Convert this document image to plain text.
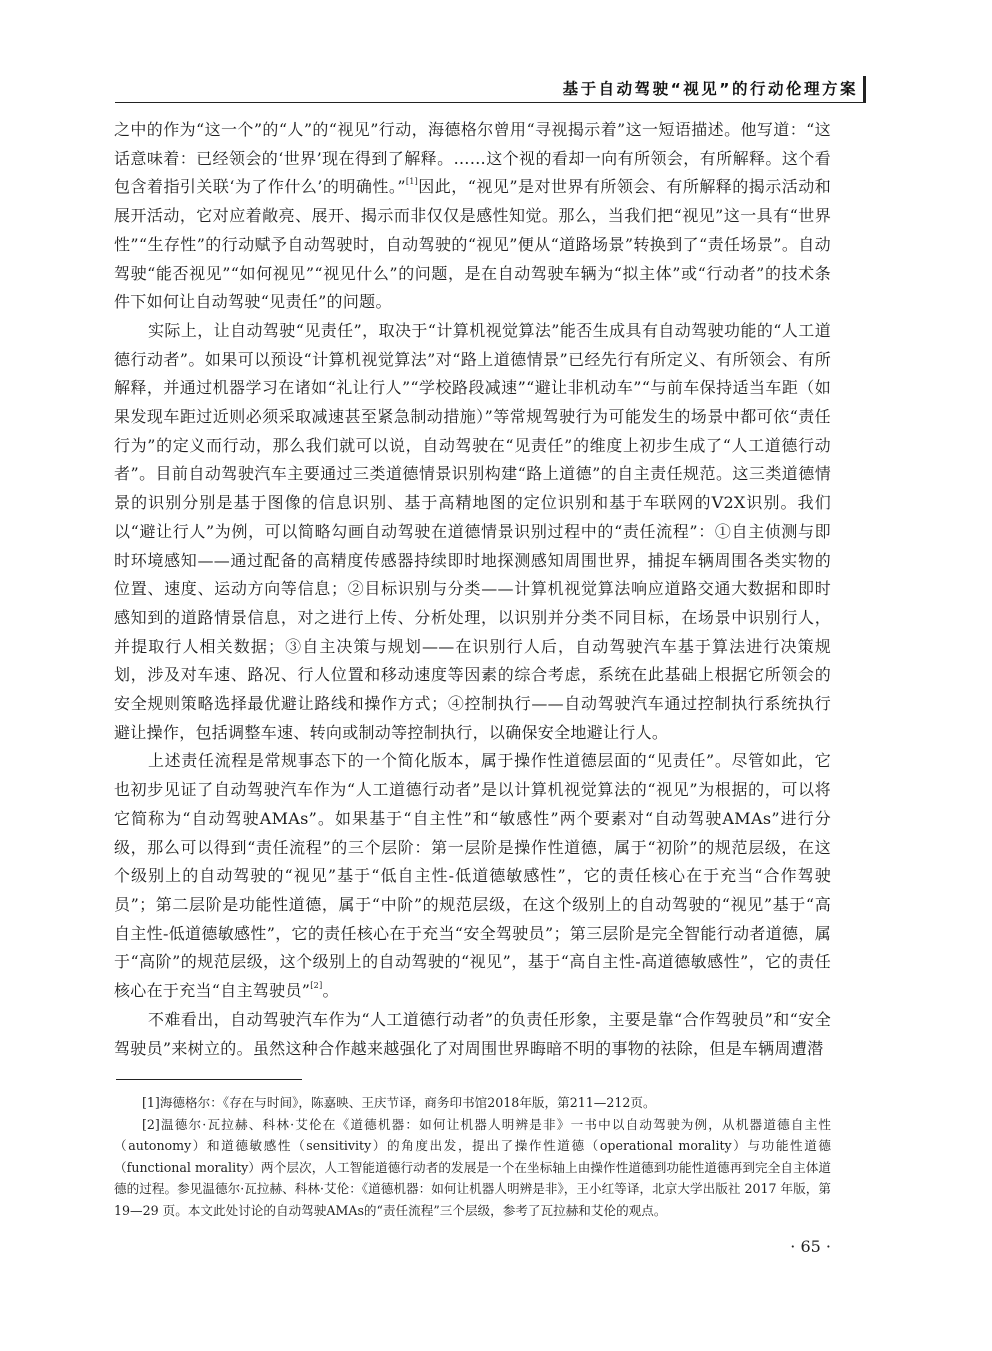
基于自动驾驶“视见”的行动伦理方案

之中的作为“这一个”的“人”的“视见”行动，海德格尔曾用“寻视揭示着”这一短语描述。他写道：“这话意味着：已经领会的‘世界’现在得到了解释。……这个视的看却一向有所领会，有所解释。这个看包含着指引关联‘为了作什么’的明确性。”[1]因此，“视见”是对世界有所领会、有所解释的揭示活动和展开活动，它对应着敞亮、展开、揭示而非仅仅是感性知觉。那么，当我们把“视见”这一具有“世界性”“生存性”的行动赋予自动驾驶时，自动驾驶的“视见”便从“道路场景”转换到了“责任场景”。自动驾驶“能否视见”“如何视见”“视见什么”的问题，是在自动驾驶车辆为“拟主体”或“行动者”的技术条件下如何让自动驾驶“见责任”的问题。

实际上，让自动驾驶“见责任”，取决于“计算机视觉算法”能否生成具有自动驾驶功能的“人工道德行动者”。如果可以预设“计算机视觉算法”对“路上道德情景”已经先行有所定义、有所领会、有所解释，并通过机器学习在诸如“礼让行人”“学校路段减速”“避让非机动车”“与前车保持适当车距（如果发现车距过近则必须采取减速甚至紧急制动措施）”等常规驾驶行为可能发生的场景中都可依“责任行为”的定义而行动，那么我们就可以说，自动驾驶在“见责任”的维度上初步生成了“人工道德行动者”。目前自动驾驶汽车主要通过三类道德情景识别构建“路上道德”的自主责任规范。这三类道德情景的识别分别是基于图像的信息识别、基于高精地图的定位识别和基于车联网的V2X识别。我们以“避让行人”为例，可以简略勾画自动驾驶在道德情景识别过程中的“责任流程”：①自主侦测与即时环境感知——通过配备的高精度传感器持续即时地探测感知周围世界，捕捉车辆周围各类实物的位置、速度、运动方向等信息；②目标识别与分类——计算机视觉算法响应道路交通大数据和即时感知到的道路情景信息，对之进行上传、分析处理，以识别并分类不同目标，在场景中识别行人，并提取行人相关数据；③自主决策与规划——在识别行人后，自动驾驶汽车基于算法进行决策规划，涉及对车速、路况、行人位置和移动速度等因素的综合考虑，系统在此基础上根据它所领会的安全规则策略选择最优避让路线和操作方式；④控制执行——自动驾驶汽车通过控制执行系统执行避让操作，包括调整车速、转向或制动等控制执行，以确保安全地避让行人。

上述责任流程是常规事态下的一个简化版本，属于操作性道德层面的“见责任”。尽管如此，它也初步见证了自动驾驶汽车作为“人工道德行动者”是以计算机视觉算法的“视见”为根据的，可以将它简称为“自动驾驶AMAs”。如果基于“自主性”和“敏感性”两个要素对“自动驾驶AMAs”进行分级，那么可以得到“责任流程”的三个层阶：第一层阶是操作性道德，属于“初阶”的规范层级，在这个级别上的自动驾驶的“视见”基于“低自主性-低道德敏感性”，它的责任核心在于充当“合作驾驶员”；第二层阶是功能性道德，属于“中阶”的规范层级，在这个级别上的自动驾驶的“视见”基于“高自主性-低道德敏感性”，它的责任核心在于充当“安全驾驶员”；第三层阶是完全智能行动者道德，属于“高阶”的规范层级，这个级别上的自动驾驶的“视见”，基于“高自主性-高道德敏感性”，它的责任核心在于充当“自主驾驶员”[2]。

不难看出，自动驾驶汽车作为“人工道德行动者”的负责任形象，主要是靠“合作驾驶员”和“安全驾驶员”来树立的。虽然这种合作越来越强化了对周围世界晦暗不明的事物的祛除，但是车辆周遭潜

[1]海德格尔：《存在与时间》，陈嘉映、王庆节译，商务印书馆2018年版，第211—212页。

[2]温德尔·瓦拉赫、科林·艾伦在《道德机器：如何让机器人明辨是非》一书中以自动驾驶为例，从机器道德自主性（autonomy）和道德敏感性（sensitivity）的角度出发，提出了操作性道德（operational morality）与功能性道德（functional morality）两个层次，人工智能道德行动者的发展是一个在坐标轴上由操作性道德到功能性道德再到完全自主体道德的过程。参见温德尔·瓦拉赫、科林·艾伦：《道德机器：如何让机器人明辨是非》，王小红等译，北京大学出版社 2017 年版，第 19—29 页。本文此处讨论的自动驾驶AMAs的“责任流程”三个层级，参考了瓦拉赫和艾伦的观点。

· 65 ·
